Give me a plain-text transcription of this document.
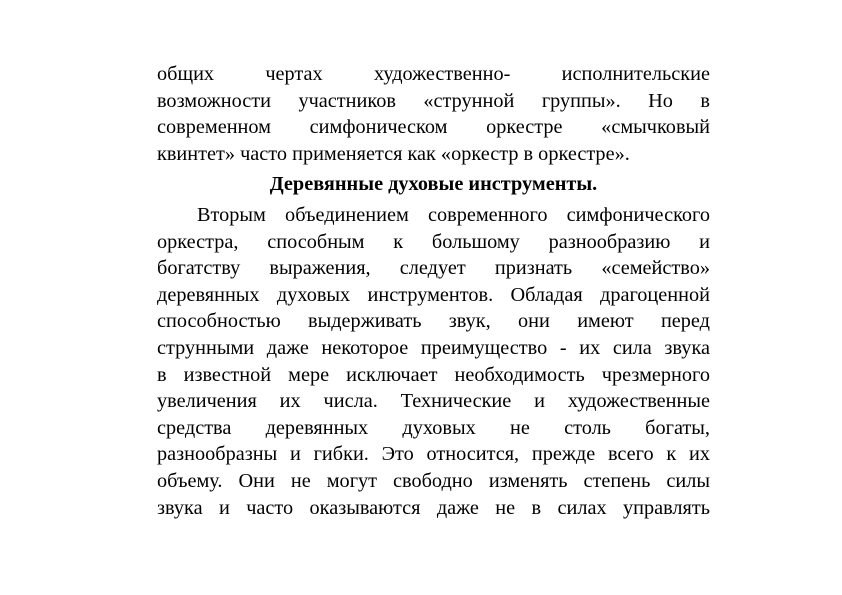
общих чертах художественно- исполнительские
возможности участников «струнной группы». Но в
современном симфоническом оркестре «смычковый
квинтет» часто применяется как «оркестр в оркестре».
Деревянные духовые инструменты.
Вторым объединением современного симфонического
оркестра, способным к большому разнообразию и
богатству выражения, следует признать «семейство»
деревянных духовых инструментов. Обладая драгоценной
способностью выдерживать звук, они имеют перед
струнными даже некоторое преимущество - их сила звука
в известной мере исключает необходимость чрезмерного
увеличения их числа. Технические и художественные
средства деревянных духовых не столь богаты,
разнообразны и гибки. Это относится, прежде всего к их
объему. Они не могут свободно изменять степень силы
звука и часто оказываются даже не в силах управлять
